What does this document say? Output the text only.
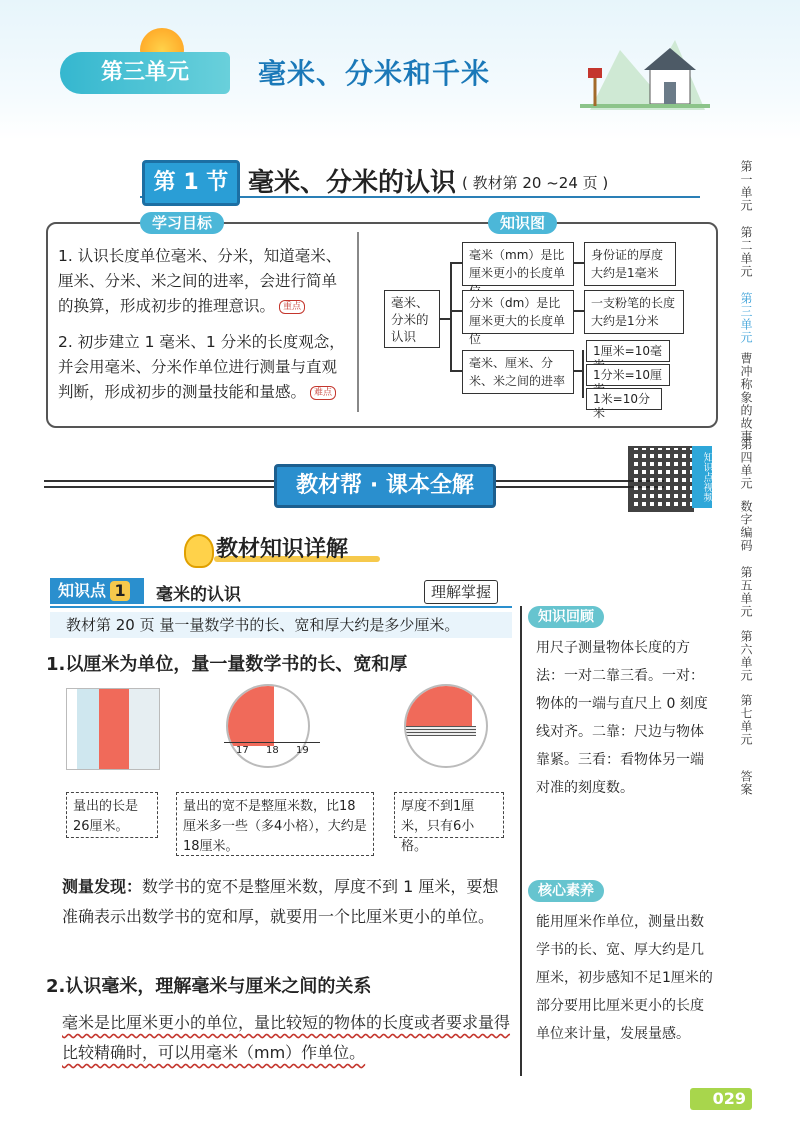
第三单元	毫米、分米和千米
第 1 节 毫米、分米的认识 ( 教材第 20 ~24 页 )
学习目标	知识图
1. 认识长度单位毫米、分米，知道毫米、厘米、分米、米之间的进率，会进行简单的换算，形成初步的推理意识。 重点
2. 初步建立 1 毫米、1 分米的长度观念，并会用毫米、分米作单位进行测量与直观判断，形成初步的测量技能和量感。 难点
毫米、分米的认识
毫米（mm）是比厘米更小的长度单
身份证的厚度大约是1毫米
分米（dm）是比厘米更大的长度单位
一支粉笔的长度大约是1分米
毫米、厘米、分米、米之间的进率
1厘米=10毫
1分米=10厘
1米=10分米
教材帮 · 课本全解	知识点视频
教材知识详解
知识点 1	毫米的认识	理解掌握
教材第 20 页 量一量数学书的长、宽和厚大约是多少厘米。
1.以厘米为单位，量一量数学书的长、宽和厚
17 18 19
量出的长是26厘米。
量出的宽不是整厘米数，比18厘米多一些（多4小格），大约是18厘米。
厚度不到1厘米，只有6小格。
测量发现：数学书的宽不是整厘米数，厚度不到 1 厘米，要想准确表示出数学书的宽和厚，就要用一个比厘米更小的单位。
2.认识毫米，理解毫米与厘米之间的关系
毫米是比厘米更小的单位，量比较短的物体的长度或者要求量得比较精确时，可以用毫米（mm）作单位。
知识回顾
用尺子测量物体长度的方法：一对二靠三看。一对：物体的一端与直尺上 0 刻度线对齐。二靠：尺边与物体靠紧。三看：看物体另一端对准的刻度数。
核心素养
能用厘米作单位，测量出数学书的长、宽、厚大约是几厘米，初步感知不足1厘米的部分要用比厘米更小的长度单位来计量，发展量感。
第一单元
第二单元
第三单元
曹冲称象的故事
第四单元
数字编码
第五单元
第六单元
第七单元
答案
029
